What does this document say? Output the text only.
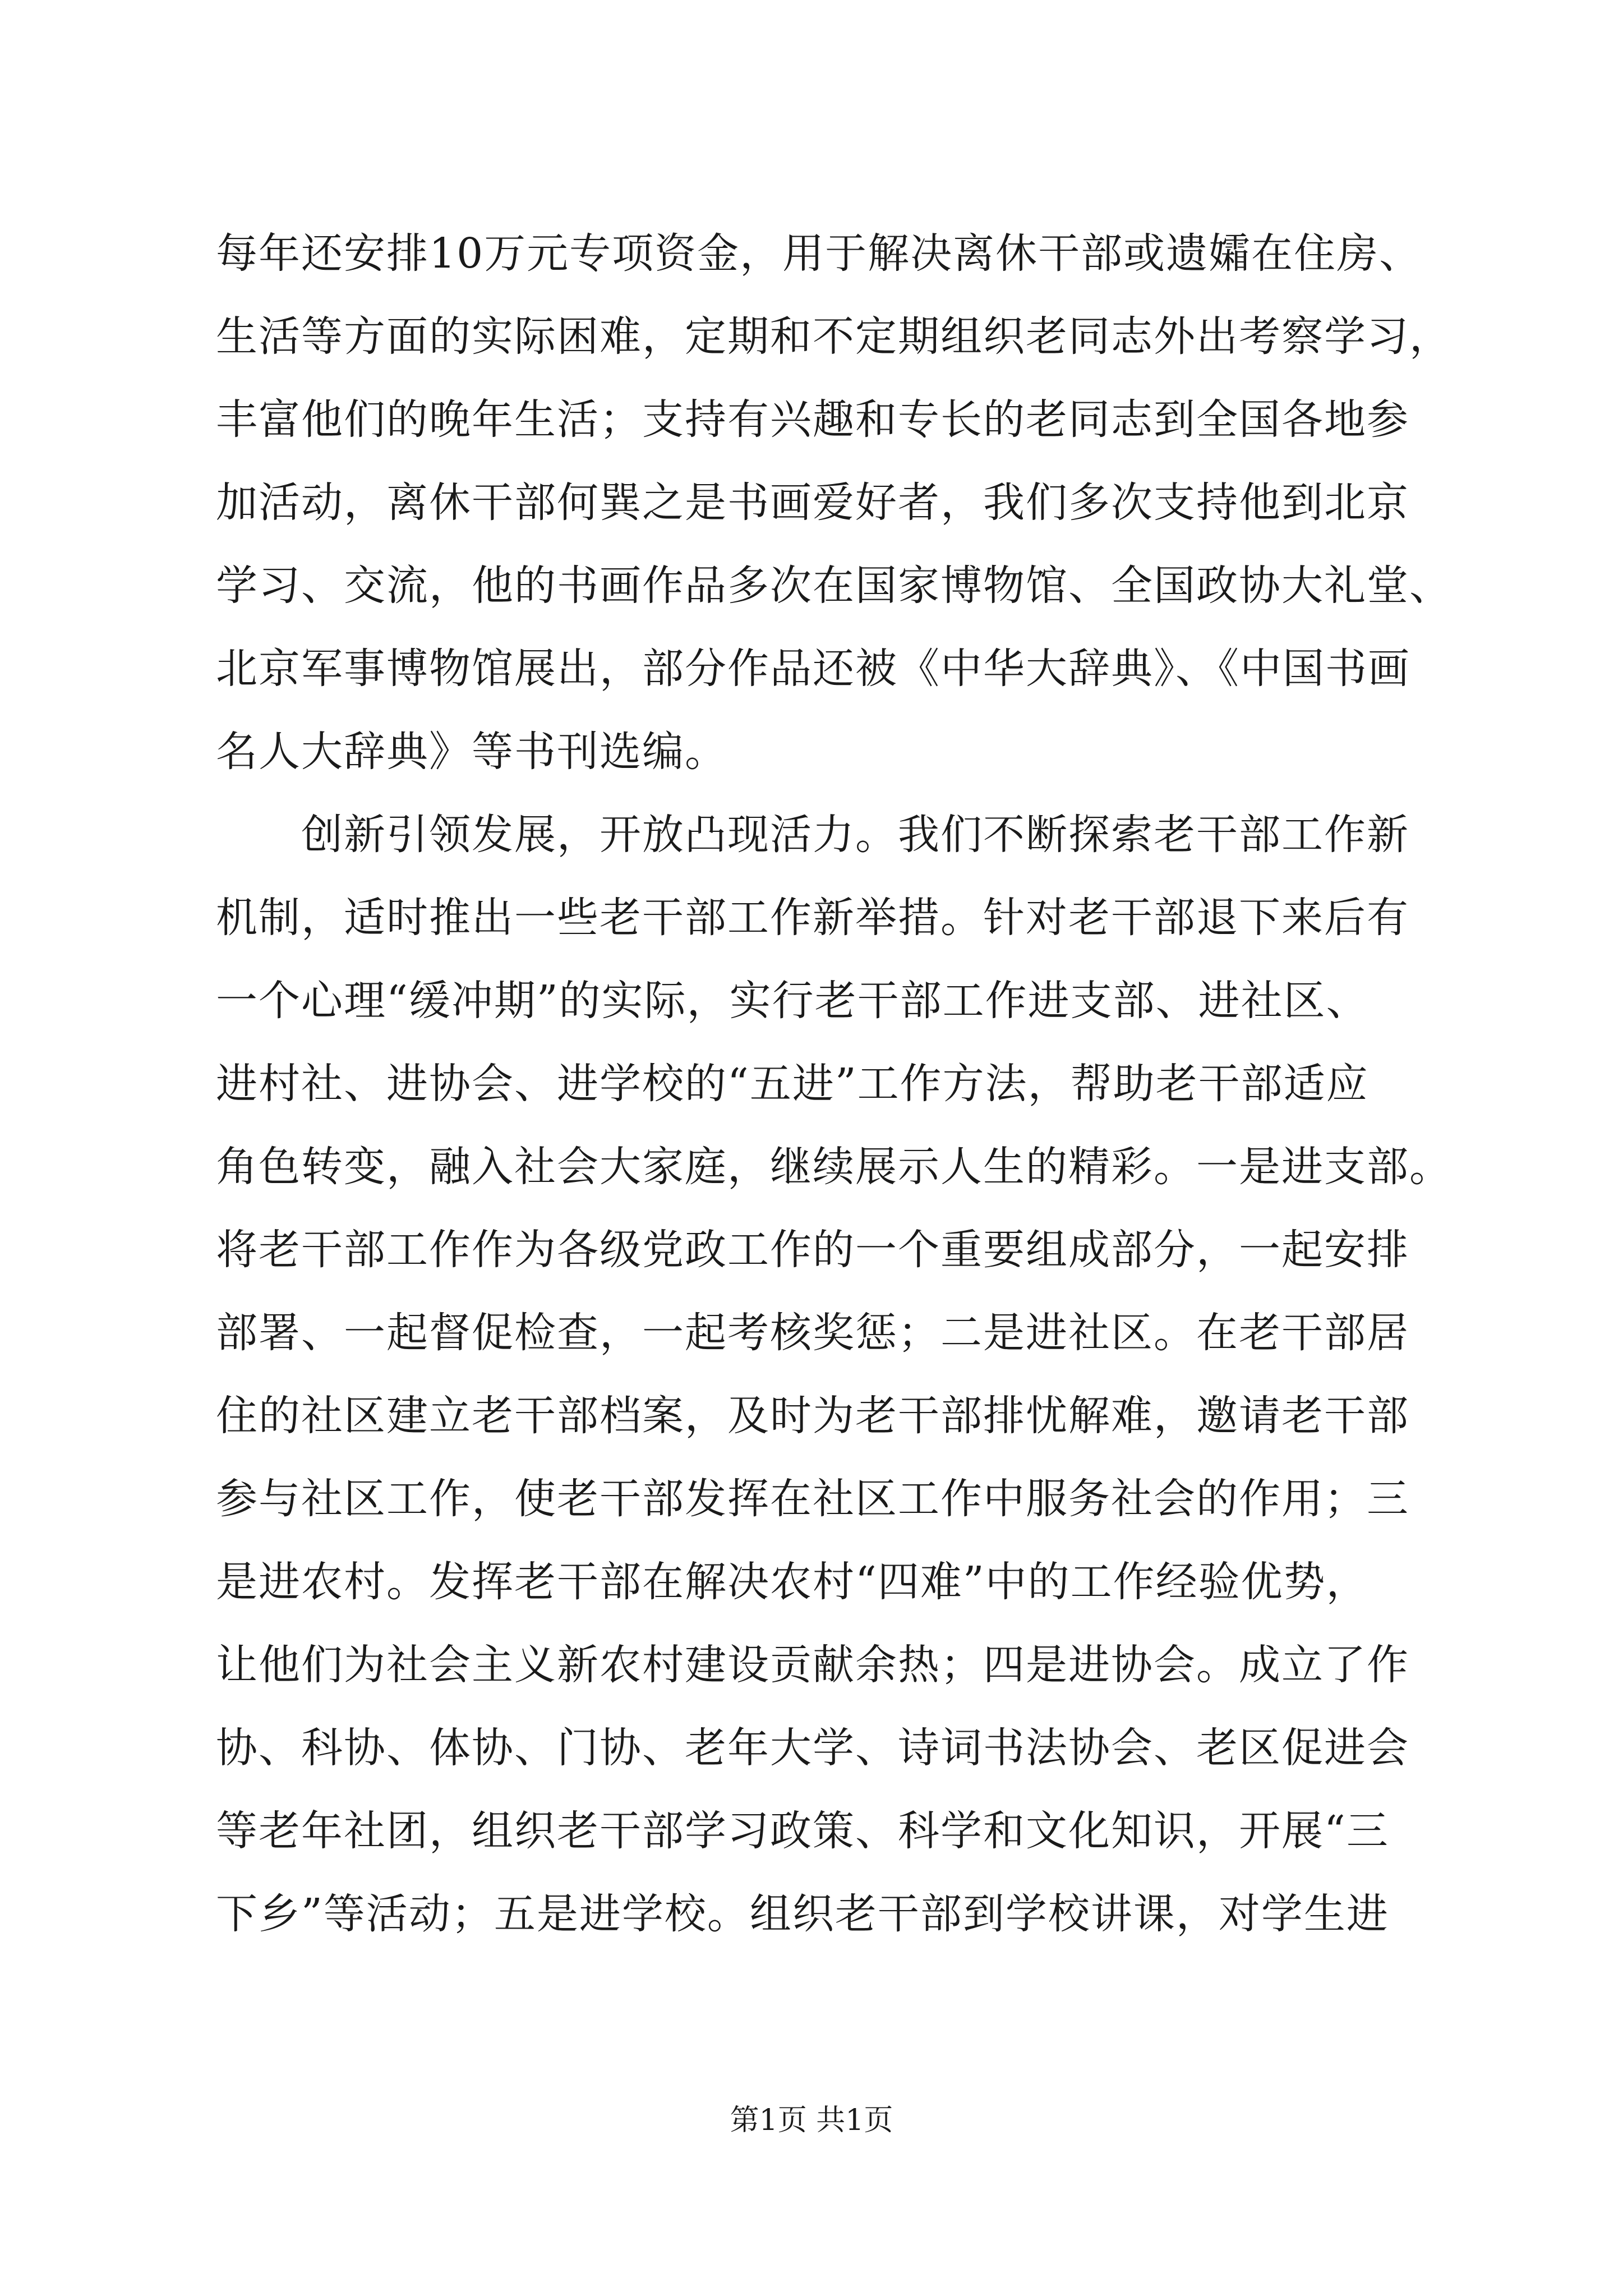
每年还安排10万元专项资金，用于解决离休干部或遗孀在住房、
生活等方面的实际困难，定期和不定期组织老同志外出考察学习，
丰富他们的晚年生活；支持有兴趣和专长的老同志到全国各地参
加活动，离休干部何巽之是书画爱好者，我们多次支持他到北京
学习、交流，他的书画作品多次在国家博物馆、全国政协大礼堂、
北京军事博物馆展出，部分作品还被《中华大辞典》、《中国书画
名人大辞典》等书刊选编。
　　创新引领发展，开放凸现活力。我们不断探索老干部工作新
机制，适时推出一些老干部工作新举措。针对老干部退下来后有
一个心理“缓冲期”的实际，实行老干部工作进支部、进社区、
进村社、进协会、进学校的“五进”工作方法，帮助老干部适应
角色转变，融入社会大家庭，继续展示人生的精彩。一是进支部。
将老干部工作作为各级党政工作的一个重要组成部分，一起安排
部署、一起督促检查，一起考核奖惩；二是进社区。在老干部居
住的社区建立老干部档案，及时为老干部排忧解难，邀请老干部
参与社区工作，使老干部发挥在社区工作中服务社会的作用；三
是进农村。发挥老干部在解决农村“四难”中的工作经验优势，
让他们为社会主义新农村建设贡献余热；四是进协会。成立了作
协、科协、体协、门协、老年大学、诗词书法协会、老区促进会
等老年社团，组织老干部学习政策、科学和文化知识，开展“三
下乡”等活动；五是进学校。组织老干部到学校讲课，对学生进
第1页 共1页
